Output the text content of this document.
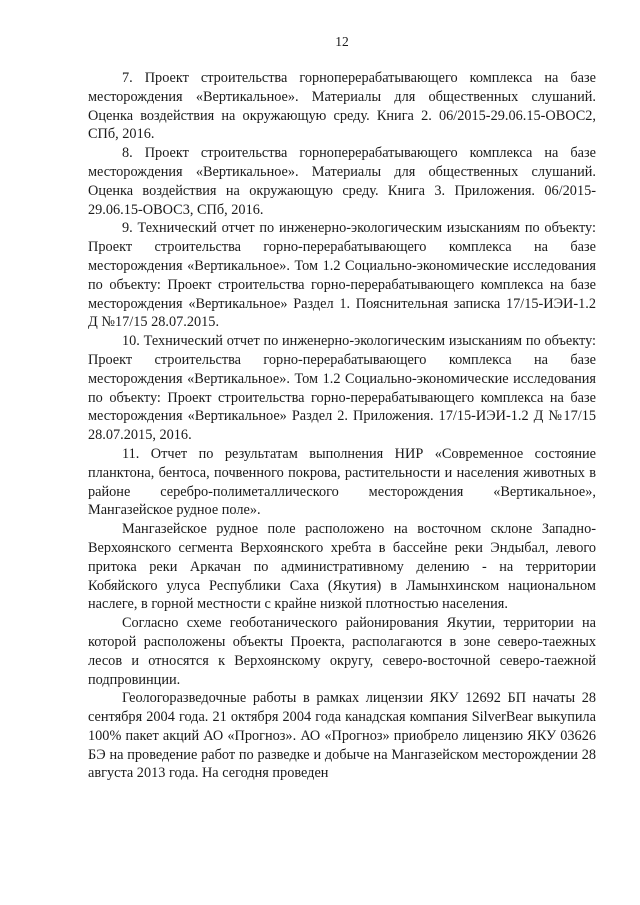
12

7. Проект строительства горноперерабатывающего комплекса на базе месторождения «Вертикальное». Материалы для общественных слушаний. Оценка воздействия на окружающую среду. Книга 2. 06/2015-29.06.15-ОВОС2, СПб, 2016.

8. Проект строительства горноперерабатывающего комплекса на базе месторождения «Вертикальное». Материалы для общественных слушаний. Оценка воздействия на окружающую среду. Книга 3. Приложения. 06/2015-29.06.15-ОВОС3, СПб, 2016.

9. Технический отчет по инженерно-экологическим изысканиям по объекту: Проект строительства горно-перерабатывающего комплекса на базе месторождения «Вертикальное». Том 1.2 Социально-экономические исследования по объекту: Проект строительства горно-перерабатывающего комплекса на базе месторождения «Вертикальное» Раздел 1. Пояснительная записка 17/15-ИЭИ-1.2 Д №17/15 28.07.2015.

10. Технический отчет по инженерно-экологическим изысканиям по объекту: Проект строительства горно-перерабатывающего комплекса на базе месторождения «Вертикальное». Том 1.2 Социально-экономические исследования по объекту: Проект строительства горно-перерабатывающего комплекса на базе месторождения «Вертикальное» Раздел 2. Приложения. 17/15-ИЭИ-1.2 Д №17/15 28.07.2015, 2016.

11. Отчет по результатам выполнения НИР «Современное состояние планктона, бентоса, почвенного покрова, растительности и населения животных в районе серебро-полиметаллического месторождения «Вертикальное», Мангазейское рудное поле».

Мангазейское рудное поле расположено на восточном склоне Западно-Верхоянского сегмента Верхоянского хребта в бассейне реки Эндыбал, левого притока реки Аркачан по административному делению - на территории Кобяйского улуса Республики Саха (Якутия) в Ламынхинском национальном наслеге, в горной местности с крайне низкой плотностью населения.

Согласно схеме геоботанического районирования Якутии, территории на которой расположены объекты Проекта, располагаются в зоне северо-таежных лесов и относятся к Верхоянскому округу, северо-восточной северо-таежной подпровинции.

Геологоразведочные работы в рамках лицензии ЯКУ 12692 БП начаты 28 сентября 2004 года. 21 октября 2004 года канадская компания SilverBear выкупила 100% пакет акций АО «Прогноз». АО «Прогноз» приобрело лицензию ЯКУ 03626 БЭ на проведение работ по разведке и добыче на Мангазейском месторождении 28 августа 2013 года. На сегодня проведен
